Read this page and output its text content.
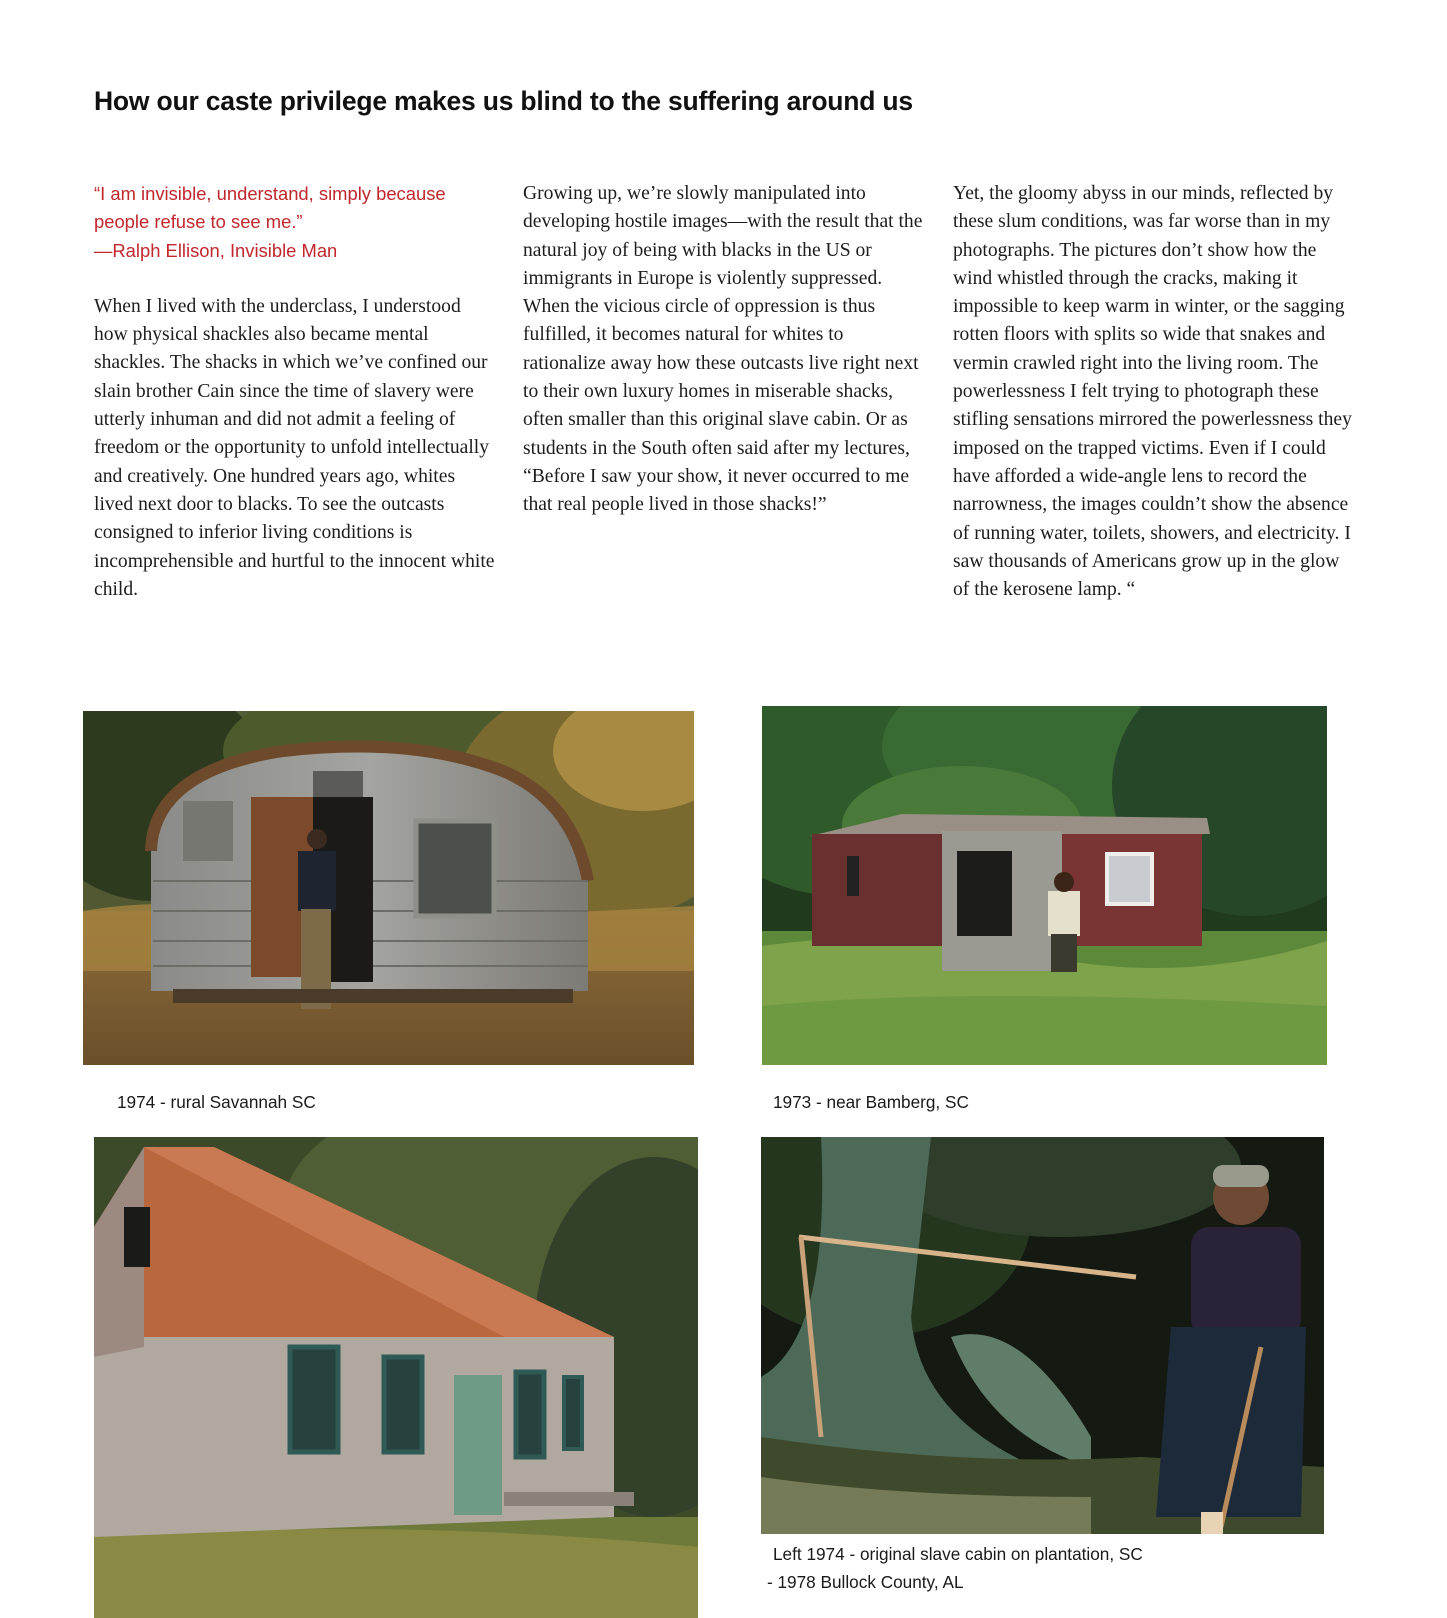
How our caste privilege makes us blind to the suffering around us

“I am invisible, understand, simply because
people refuse to see me.”
—Ralph Ellison, Invisible Man

When I lived with the underclass, I understood how physical shackles also became mental shackles. The shacks in which we’ve confined our slain brother Cain since the time of slavery were utterly inhuman and did not admit a feeling of freedom or the opportunity to unfold intellectually and creatively. One hundred years ago, whites lived next door to blacks. To see the outcasts consigned to inferior living conditions is incomprehensible and hurtful to the innocent white child.

Growing up, we’re slowly manipulated into developing hostile images—with the result that the natural joy of being with blacks in the US or immigrants in Europe is violently suppressed. When the vicious circle of oppression is thus fulfilled, it becomes natural for whites to rationalize away how these outcasts live right next to their own luxury homes in miserable shacks, often smaller than this original slave cabin. Or as students in the South often said after my lectures, “Before I saw your show, it never occurred to me that real people lived in those shacks!”

Yet, the gloomy abyss in our minds, reflected by these slum conditions, was far worse than in my photographs. The pictures don’t show how the wind whistled through the cracks, making it impossible to keep warm in winter, or the sagging rotten floors with splits so wide that snakes and vermin crawled right into the living room. The powerlessness I felt trying to photograph these stifling sensations mirrored the powerlessness they imposed on the trapped victims. Even if I could have afforded a wide-angle lens to record the narrowness, the images couldn’t show the absence of running water, toilets, showers, and electricity. I saw thousands of Americans grow up in the glow of the kerosene lamp. “

1974 - rural Savannah SC	1973 - near Bamberg, SC
Left 1974 - original slave cabin on plantation, SC
- 1978 Bullock County, AL
